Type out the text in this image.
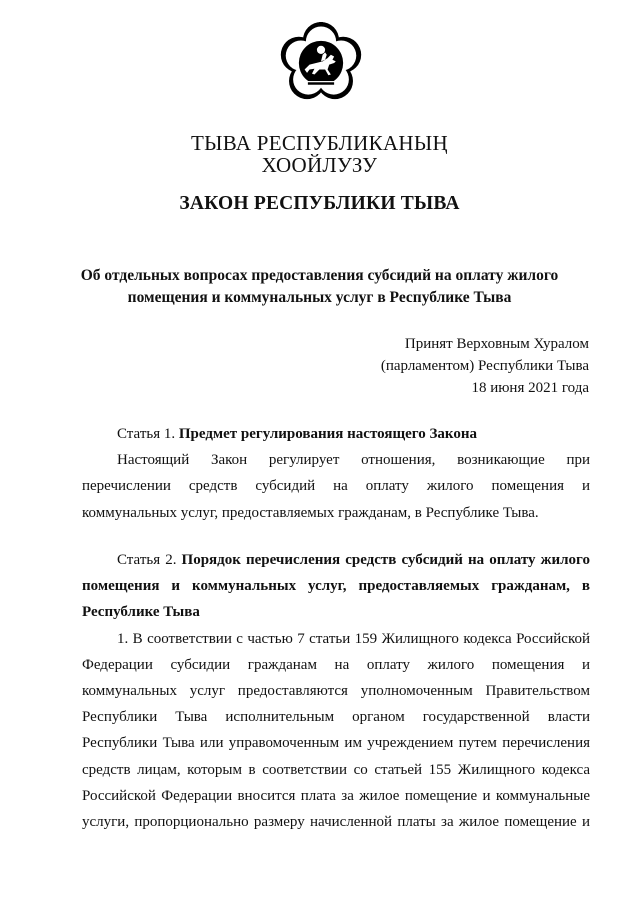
ТЫВА РЕСПУБЛИКАНЫҢ
ХООЙЛУЗУ
ЗАКОН РЕСПУБЛИКИ ТЫВА
Об отдельных вопросах предоставления субсидий на оплату жилого
помещения и коммунальных услуг в Республике Тыва
Принят Верховным Хуралом
(парламентом) Республики Тыва
18 июня 2021 года

Статья 1. Предмет регулирования настоящего Закона

Настоящий Закон регулирует отношения, возникающие при

перечислении средств субсидий на оплату жилого помещения и

коммунальных услуг, предоставляемых гражданам, в Республике Тыва.

Статья 2. Порядок перечисления средств субсидий на оплату жилого

помещения и коммунальных услуг, предоставляемых гражданам, в

Республике Тыва

1. В соответствии с частью 7 статьи 159 Жилищного кодекса Российской

Федерации субсидии гражданам на оплату жилого помещения и

коммунальных услуг предоставляются уполномоченным Правительством

Республики Тыва исполнительным органом государственной власти

Республики Тыва или управомоченным им учреждением путем перечисления

средств лицам, которым в соответствии со статьей 155 Жилищного кодекса

Российской Федерации вносится плата за жилое помещение и коммунальные

услуги, пропорционально размеру начисленной платы за жилое помещение и
